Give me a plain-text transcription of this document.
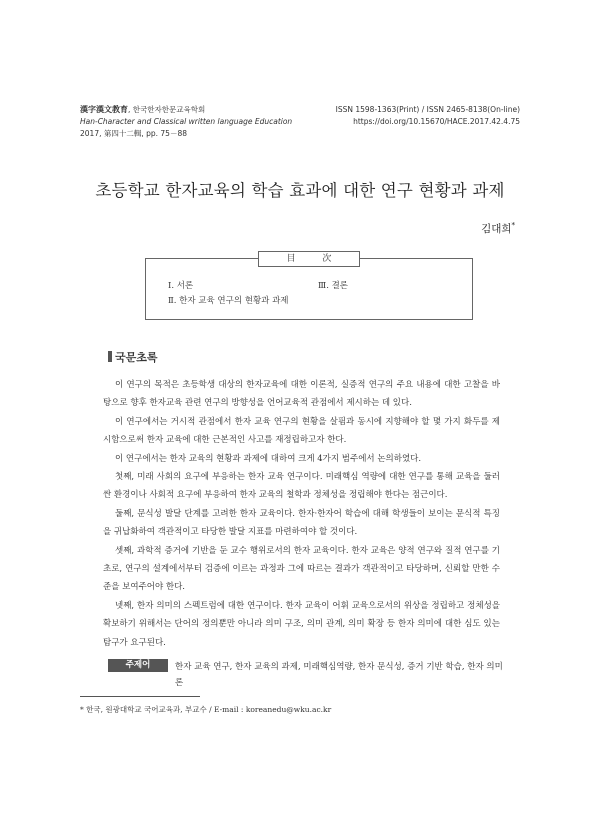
漢字漢文教育, 한국한자한문교육학회
Han-Character and Classical written language Education
2017, 第四十二輯, pp. 75－88
ISSN 1598-1363(Print) / ISSN 2465-8138(On-line)
https://doi.org/10.15670/HACE.2017.42.4.75
초등학교 한자교육의 학습 효과에 대한 연구 현황과 과제
김대희*
目 次
Ⅰ. 서론	Ⅲ. 결론
Ⅱ. 한자 교육 연구의 현황과 과제
국문초록

이 연구의 목적은 초등학생 대상의 한자교육에 대한 이론적, 실증적 연구의 주요 내용에 대한 고찰을 바탕으로 향후 한자교육 관련 연구의 방향성을 언어교육적 관점에서 제시하는 데 있다.

이 연구에서는 거시적 관점에서 한자 교육 연구의 현황을 살핌과 동시에 지향해야 할 몇 가지 화두를 제시함으로써 한자 교육에 대한 근본적인 사고를 재정립하고자 한다.

이 연구에서는 한자 교육의 현황과 과제에 대하여 크게 4가지 범주에서 논의하였다.

첫째, 미래 사회의 요구에 부응하는 한자 교육 연구이다. 미래핵심 역량에 대한 연구를 통해 교육을 둘러싼 환경이나 사회적 요구에 부응하여 한자 교육의 철학과 정체성을 정립해야 한다는 점근이다.

둘째, 문식성 발달 단계를 고려한 한자 교육이다. 한자·한자어 학습에 대해 학생들이 보이는 문식적 특징을 귀납화하여 객관적이고 타당한 발달 지표를 마련하여야 할 것이다.

셋째, 과학적 증거에 기반을 둔 교수 행위로서의 한자 교육이다. 한자 교육은 양적 연구와 질적 연구를 기초로, 연구의 설계에서부터 검증에 이르는 과정과 그에 따르는 결과가 객관적이고 타당하며, 신뢰할 만한 수준을 보여주어야 한다.

넷째, 한자 의미의 스펙트럼에 대한 연구이다. 한자 교육이 어휘 교육으로서의 위상을 정립하고 정체성을 확보하기 위해서는 단어의 정의뿐만 아니라 의미 구조, 의미 관계, 의미 확장 등 한자 의미에 대한 심도 있는 탐구가 요구된다.

주제어	한자 교육 연구, 한자 교육의 과제, 미래핵심역량, 한자 문식성, 증거 기반 학습, 한자 의미론
* 한국, 원광대학교 국어교육과, 부교수 / E-mail : koreanedu@wku.ac.kr
